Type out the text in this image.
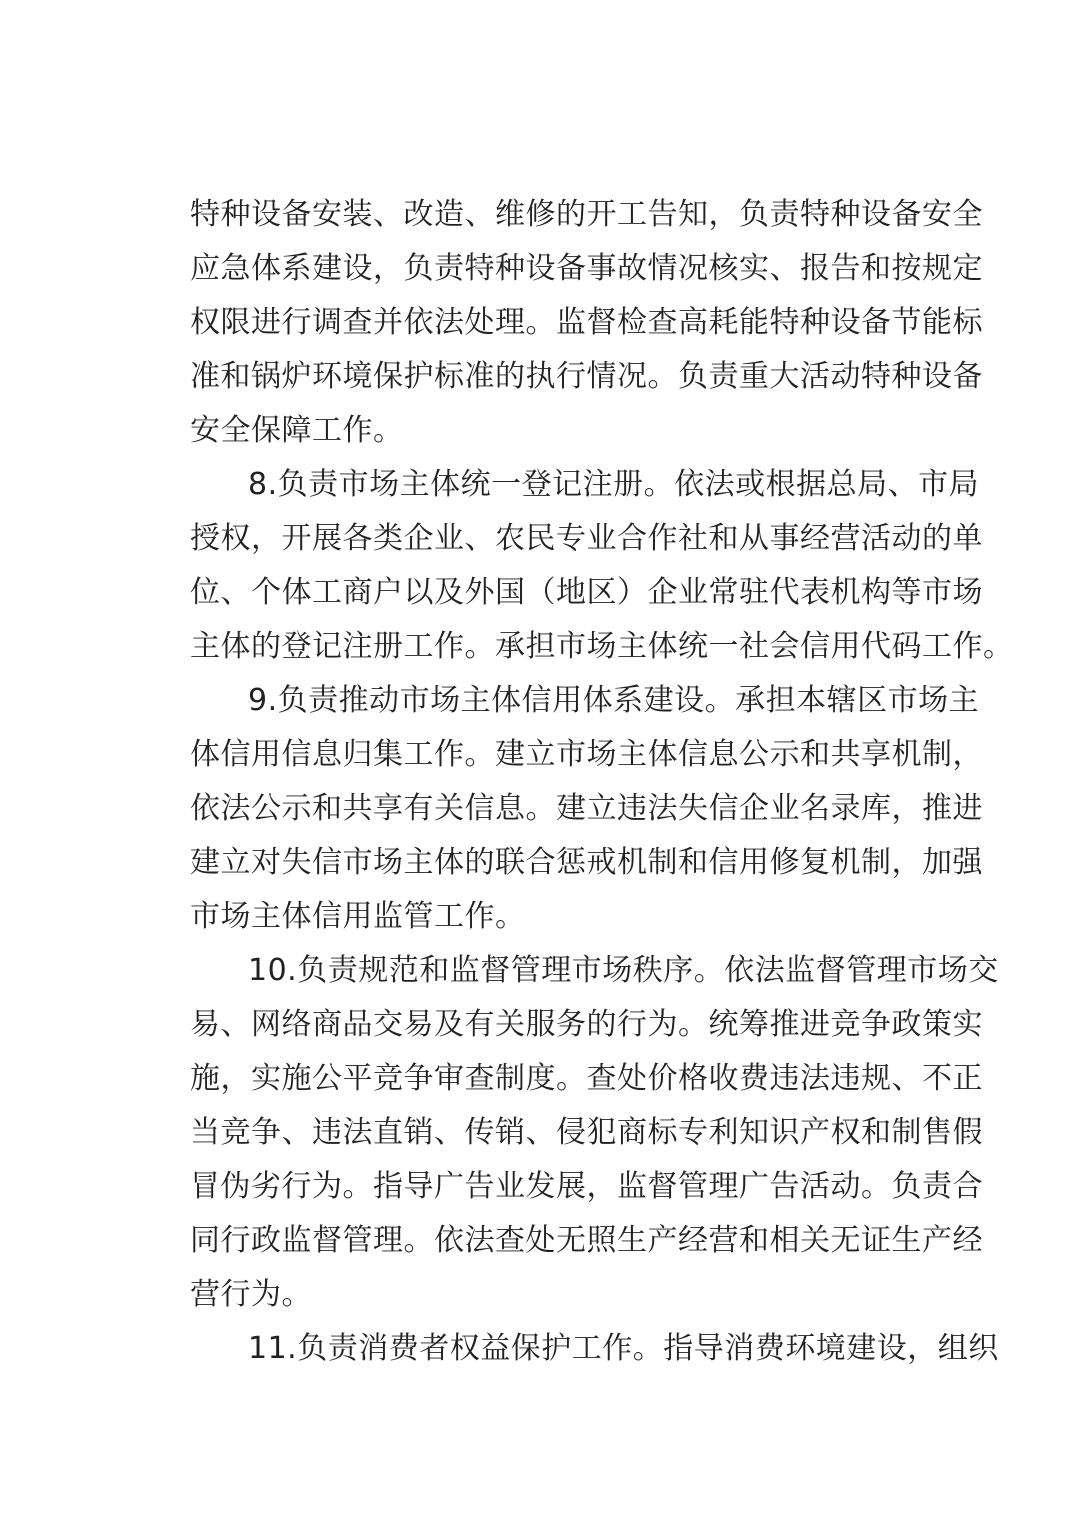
特种设备安装、改造、维修的开工告知，负责特种设备安全
应急体系建设，负责特种设备事故情况核实、报告和按规定
权限进行调查并依法处理。监督检查高耗能特种设备节能标
准和锅炉环境保护标准的执行情况。负责重大活动特种设备
安全保障工作。
8.负责市场主体统一登记注册。依法或根据总局、市局
授权，开展各类企业、农民专业合作社和从事经营活动的单
位、个体工商户以及外国（地区）企业常驻代表机构等市场
主体的登记注册工作。承担市场主体统一社会信用代码工作。
9.负责推动市场主体信用体系建设。承担本辖区市场主
体信用信息归集工作。建立市场主体信息公示和共享机制，
依法公示和共享有关信息。建立违法失信企业名录库，推进
建立对失信市场主体的联合惩戒机制和信用修复机制，加强
市场主体信用监管工作。
10.负责规范和监督管理市场秩序。依法监督管理市场交
易、网络商品交易及有关服务的行为。统筹推进竞争政策实
施，实施公平竞争审查制度。查处价格收费违法违规、不正
当竞争、违法直销、传销、侵犯商标专利知识产权和制售假
冒伪劣行为。指导广告业发展，监督管理广告活动。负责合
同行政监督管理。依法查处无照生产经营和相关无证生产经
营行为。
11.负责消费者权益保护工作。指导消费环境建设，组织
